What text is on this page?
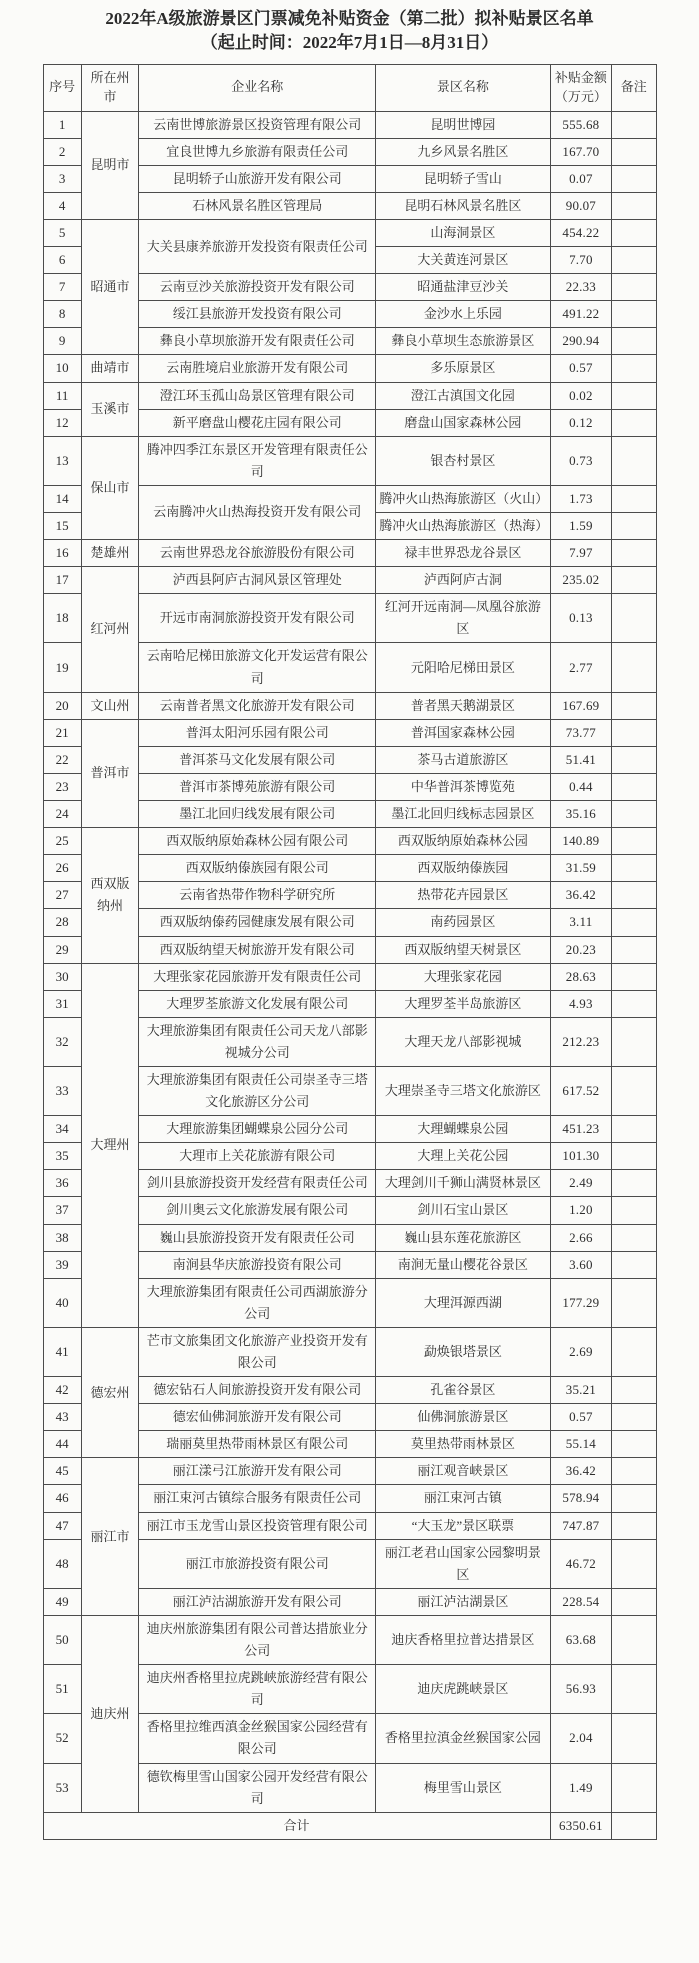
2022年A级旅游景区门票减免补贴资金（第二批）拟补贴景区名单
（起止时间：2022年7月1日—8月31日）
序号	所在州市	企业名称	景区名称	补贴金额（万元）	备注
1	昆明市	云南世博旅游景区投资管理有限公司	昆明世博园	555.68	
2		宜良世博九乡旅游有限责任公司	九乡风景名胜区	167.70	
3		昆明轿子山旅游开发有限公司	昆明轿子雪山	0.07	
4		石林风景名胜区管理局	昆明石林风景名胜区	90.07	
5	昭通市	大关县康养旅游开发投资有限责任公司	山海洞景区	454.22	
6			大关黄连河景区	7.70	
7		云南豆沙关旅游投资开发有限公司	昭通盐津豆沙关	22.33	
8		绥江县旅游开发投资有限公司	金沙水上乐园	491.22	
9		彝良小草坝旅游开发有限责任公司	彝良小草坝生态旅游景区	290.94	
10	曲靖市	云南胜境启业旅游开发有限公司	多乐原景区	0.57	
11	玉溪市	澄江环玉孤山岛景区管理有限公司	澄江古滇国文化园	0.02	
12		新平磨盘山樱花庄园有限公司	磨盘山国家森林公园	0.12	
13	保山市	腾冲四季江东景区开发管理有限责任公司	银杏村景区	0.73	
14		云南腾冲火山热海投资开发有限公司	腾冲火山热海旅游区（火山）	1.73	
15			腾冲火山热海旅游区（热海）	1.59	
16	楚雄州	云南世界恐龙谷旅游股份有限公司	禄丰世界恐龙谷景区	7.97	
17	红河州	泸西县阿庐古洞风景区管理处	泸西阿庐古洞	235.02	
18		开远市南洞旅游投资开发有限公司	红河开远南洞—凤凰谷旅游区	0.13	
19		云南哈尼梯田旅游文化开发运营有限公司	元阳哈尼梯田景区	2.77	
20	文山州	云南普者黑文化旅游开发有限公司	普者黑天鹅湖景区	167.69	
21	普洱市	普洱太阳河乐园有限公司	普洱国家森林公园	73.77	
22		普洱茶马文化发展有限公司	茶马古道旅游区	51.41	
23		普洱市茶博苑旅游有限公司	中华普洱茶博览苑	0.44	
24		墨江北回归线发展有限公司	墨江北回归线标志园景区	35.16	
25	西双版纳州	西双版纳原始森林公园有限公司	西双版纳原始森林公园	140.89	
26		西双版纳傣族园有限公司	西双版纳傣族园	31.59	
27		云南省热带作物科学研究所	热带花卉园景区	36.42	
28		西双版纳傣药园健康发展有限公司	南药园景区	3.11	
29		西双版纳望天树旅游开发有限公司	西双版纳望天树景区	20.23	
30	大理州	大理张家花园旅游开发有限责任公司	大理张家花园	28.63	
31		大理罗荃旅游文化发展有限公司	大理罗荃半岛旅游区	4.93	
32		大理旅游集团有限责任公司天龙八部影视城分公司	大理天龙八部影视城	212.23	
33		大理旅游集团有限责任公司崇圣寺三塔文化旅游区分公司	大理崇圣寺三塔文化旅游区	617.52	
34		大理旅游集团蝴蝶泉公园分公司	大理蝴蝶泉公园	451.23	
35		大理市上关花旅游有限公司	大理上关花公园	101.30	
36		剑川县旅游投资开发经营有限责任公司	大理剑川千狮山满贤林景区	2.49	
37		剑川奥云文化旅游发展有限公司	剑川石宝山景区	1.20	
38		巍山县旅游投资开发有限责任公司	巍山县东莲花旅游区	2.66	
39		南涧县华庆旅游投资有限公司	南涧无量山樱花谷景区	3.60	
40		大理旅游集团有限责任公司西湖旅游分公司	大理洱源西湖	177.29	
41	德宏州	芒市文旅集团文化旅游产业投资开发有限公司	勐焕银塔景区	2.69	
42		德宏钻石人间旅游投资开发有限公司	孔雀谷景区	35.21	
43		德宏仙佛洞旅游开发有限公司	仙佛洞旅游景区	0.57	
44		瑞丽莫里热带雨林景区有限公司	莫里热带雨林景区	55.14	
45	丽江市	丽江漾弓江旅游开发有限公司	丽江观音峡景区	36.42	
46		丽江束河古镇综合服务有限责任公司	丽江束河古镇	578.94	
47		丽江市玉龙雪山景区投资管理有限公司	“大玉龙”景区联票	747.87	
48		丽江市旅游投资有限公司	丽江老君山国家公园黎明景区	46.72	
49		丽江泸沽湖旅游开发有限公司	丽江泸沽湖景区	228.54	
50	迪庆州	迪庆州旅游集团有限公司普达措旅业分公司	迪庆香格里拉普达措景区	63.68	
51		迪庆州香格里拉虎跳峡旅游经营有限公司	迪庆虎跳峡景区	56.93	
52		香格里拉维西滇金丝猴国家公园经营有限公司	香格里拉滇金丝猴国家公园	2.04	
53		德钦梅里雪山国家公园开发经营有限公司	梅里雪山景区	1.49	
合计				6350.61	
